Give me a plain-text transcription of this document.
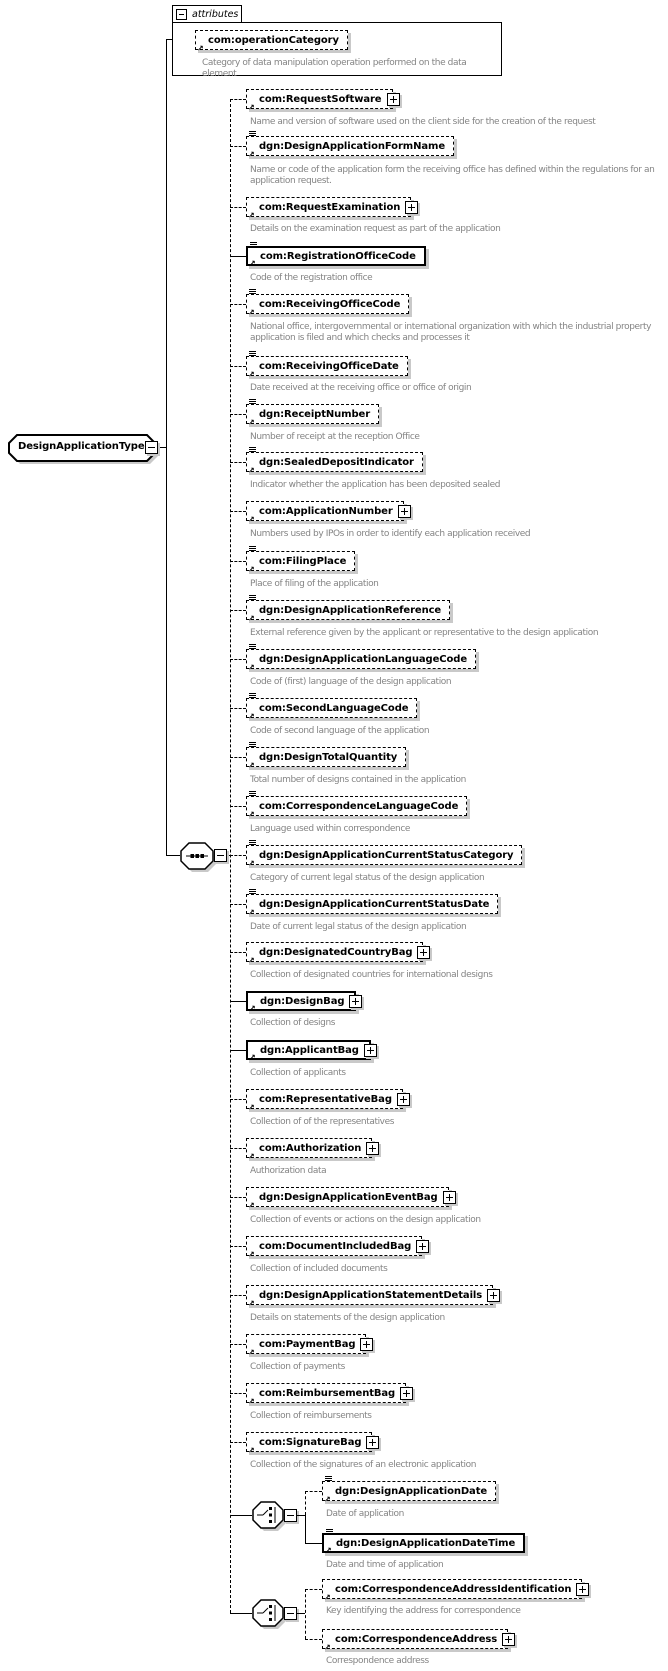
attributes
↗
com:operationCategory
Category of data manipulation operation performed on the data element
DesignApplicationType
↗
com:RequestSoftware
Name and version of software used on the client side for the creation of the request
↗
dgn:DesignApplicationFormName
Name or code of the application form the receiving office has defined within the regulations for an application request.
↗
com:RequestExamination
Details on the examination request as part of the application
↗
com:RegistrationOfficeCode
Code of the registration office
↗
com:ReceivingOfficeCode
National office, intergovernmental or international organization with which the industrial property application is filed and which checks and processes it
↗
com:ReceivingOfficeDate
Date received at the receiving office or office of origin
↗
dgn:ReceiptNumber
Number of receipt at the reception Office
↗
dgn:SealedDepositIndicator
Indicator whether the application has been deposited sealed
↗
com:ApplicationNumber
Numbers used by IPOs in order to identify each application received
↗
com:FilingPlace
Place of filing of the application
↗
dgn:DesignApplicationReference
External reference given by the applicant or representative to the design application
↗
dgn:DesignApplicationLanguageCode
Code of (first) language of the design application
↗
com:SecondLanguageCode
Code of second language of the application
↗
dgn:DesignTotalQuantity
Total number of designs contained in the application
↗
com:CorrespondenceLanguageCode
Language used within correspondence
↗
dgn:DesignApplicationCurrentStatusCategory
Category of current legal status of the design application
↗
dgn:DesignApplicationCurrentStatusDate
Date of current legal status of the design application
↗
dgn:DesignatedCountryBag
Collection of designated countries for international designs
↗
dgn:DesignBag
Collection of designs
↗
dgn:ApplicantBag
Collection of applicants
↗
com:RepresentativeBag
Collection of of the representatives
↗
com:Authorization
Authorization data
↗
dgn:DesignApplicationEventBag
Collection of events or actions on the design application
↗
com:DocumentIncludedBag
Collection of included documents
↗
dgn:DesignApplicationStatementDetails
Details on statements of the design application
↗
com:PaymentBag
Collection of payments
↗
com:ReimbursementBag
Collection of reimbursements
↗
com:SignatureBag
Collection of the signatures of an electronic application
↗
dgn:DesignApplicationDate
Date of application
↗
dgn:DesignApplicationDateTime
Date and time of application
↗
com:CorrespondenceAddressIdentification
Key identifying the address for correspondence
↗
com:CorrespondenceAddress
Correspondence address
